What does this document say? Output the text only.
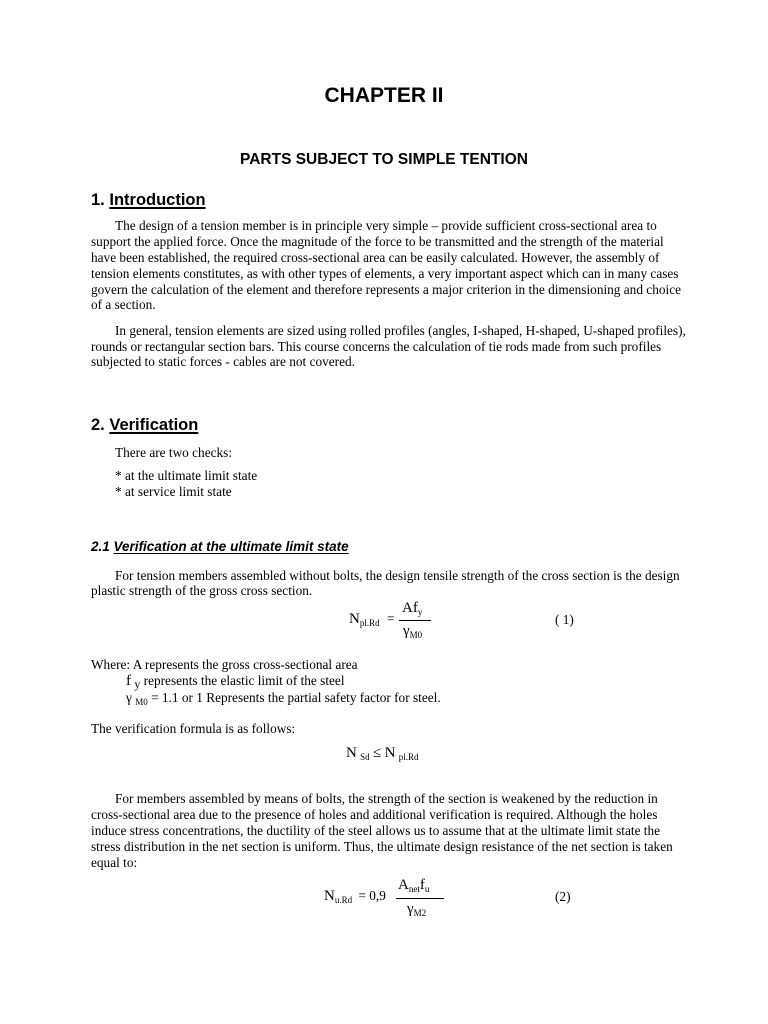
CHAPTER II
PARTS SUBJECT TO SIMPLE TENTION
1. Introduction
The design of a tension member is in principle very simple – provide sufficient cross-sectional area to
support the applied force. Once the magnitude of the force to be transmitted and the strength of the material
have been established, the required cross-sectional area can be easily calculated. However, the assembly of
tension elements constitutes, as with other types of elements, a very important aspect which can in many cases
govern the calculation of the element and therefore represents a major criterion in the dimensioning and choice
of a section.
In general, tension elements are sized using rolled profiles (angles, I-shaped, H-shaped, U-shaped profiles),
rounds or rectangular section bars. This course concerns the calculation of tie rods made from such profiles
subjected to static forces - cables are not covered.
2. Verification
There are two checks:
* at the ultimate limit state
* at service limit state
2.1 Verification at the ultimate limit state
For tension members assembled without bolts, the design tensile strength of the cross section is the design
plastic strength of the gross cross section.
$N_{pl.Rd}$ =
$Af_y$
$\gamma_{M0}$
( 1)
Where: A represents the gross cross-sectional area
f $_y$ represents the elastic limit of the steel
γ $_{M0}$ = 1.1 or 1 Represents the partial safety factor for steel.
The verification formula is as follows:
N $_{Sd}$ ≤ N $_{pl.Rd}$
For members assembled by means of bolts, the strength of the section is weakened by the reduction in
cross-sectional area due to the presence of holes and additional verification is required. Although the holes
induce stress concentrations, the ductility of the steel allows us to assume that at the ultimate limit state the
stress distribution in the net section is uniform. Thus, the ultimate design resistance of the net section is taken
equal to:
$N_{u.Rd} = 0,9$
$A_{net}f_u$
$\gamma_{M2}$
(2)
